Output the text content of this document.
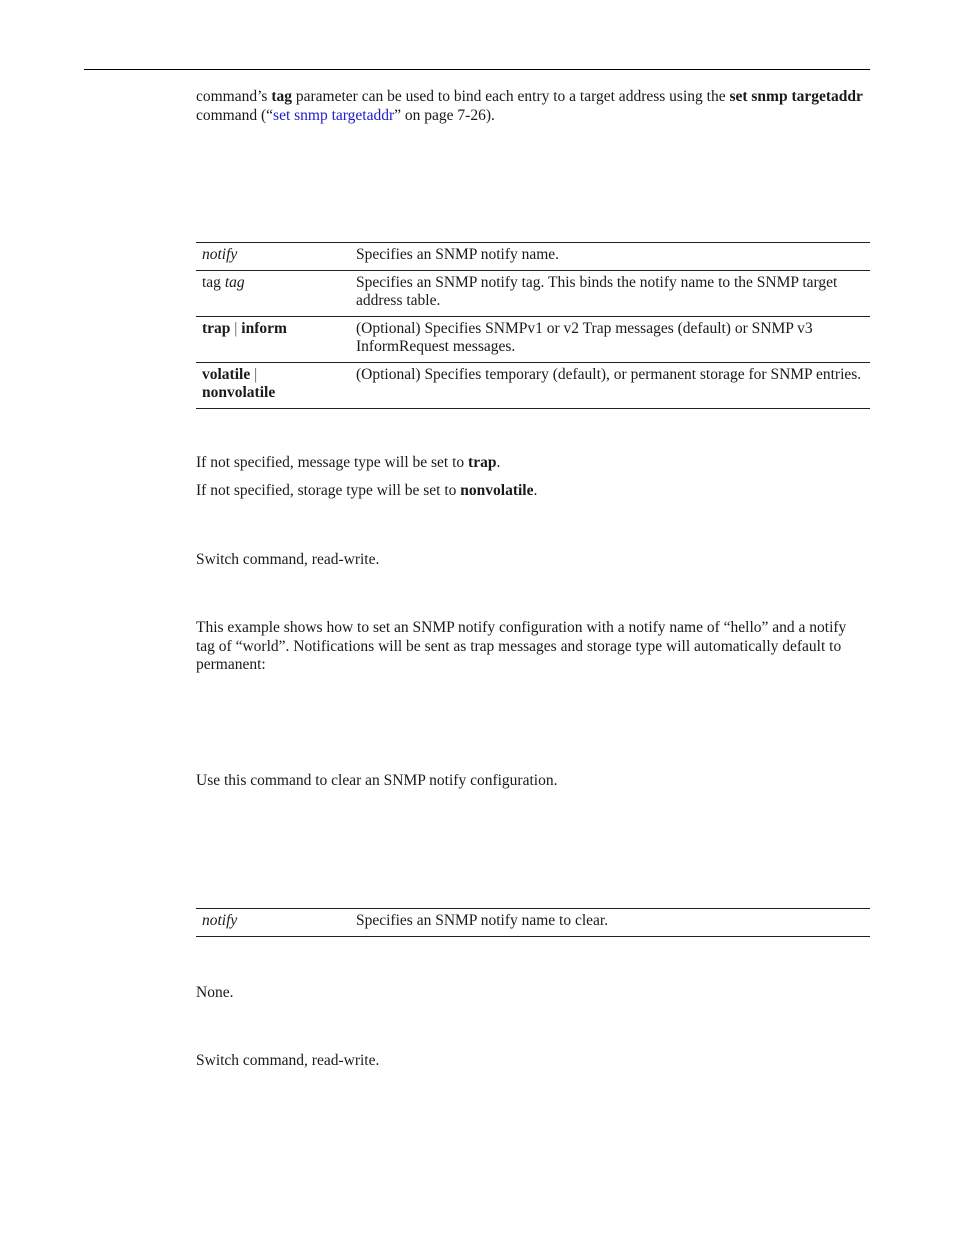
command’s tag parameter can be used to bind each entry to a target address using the set snmp targetaddr command (“set snmp targetaddr” on page 7-26).

notify	Specifies an SNMP notify name.
tag tag	Specifies an SNMP notify tag. This binds the notify name to the SNMP target address table.
trap | inform	(Optional) Specifies SNMPv1 or v2 Trap messages (default) or SNMP v3 InformRequest messages.
volatile |
nonvolatile	(Optional) Specifies temporary (default), or permanent storage for SNMP entries.

If not specified, message type will be set to trap.

If not specified, storage type will be set to nonvolatile.

Switch command, read-write.

This example shows how to set an SNMP notify configuration with a notify name of “hello” and a notify tag of “world”. Notifications will be sent as trap messages and storage type will automatically default to permanent:

Use this command to clear an SNMP notify configuration.

notify	Specifies an SNMP notify name to clear.

None.

Switch command, read-write.
